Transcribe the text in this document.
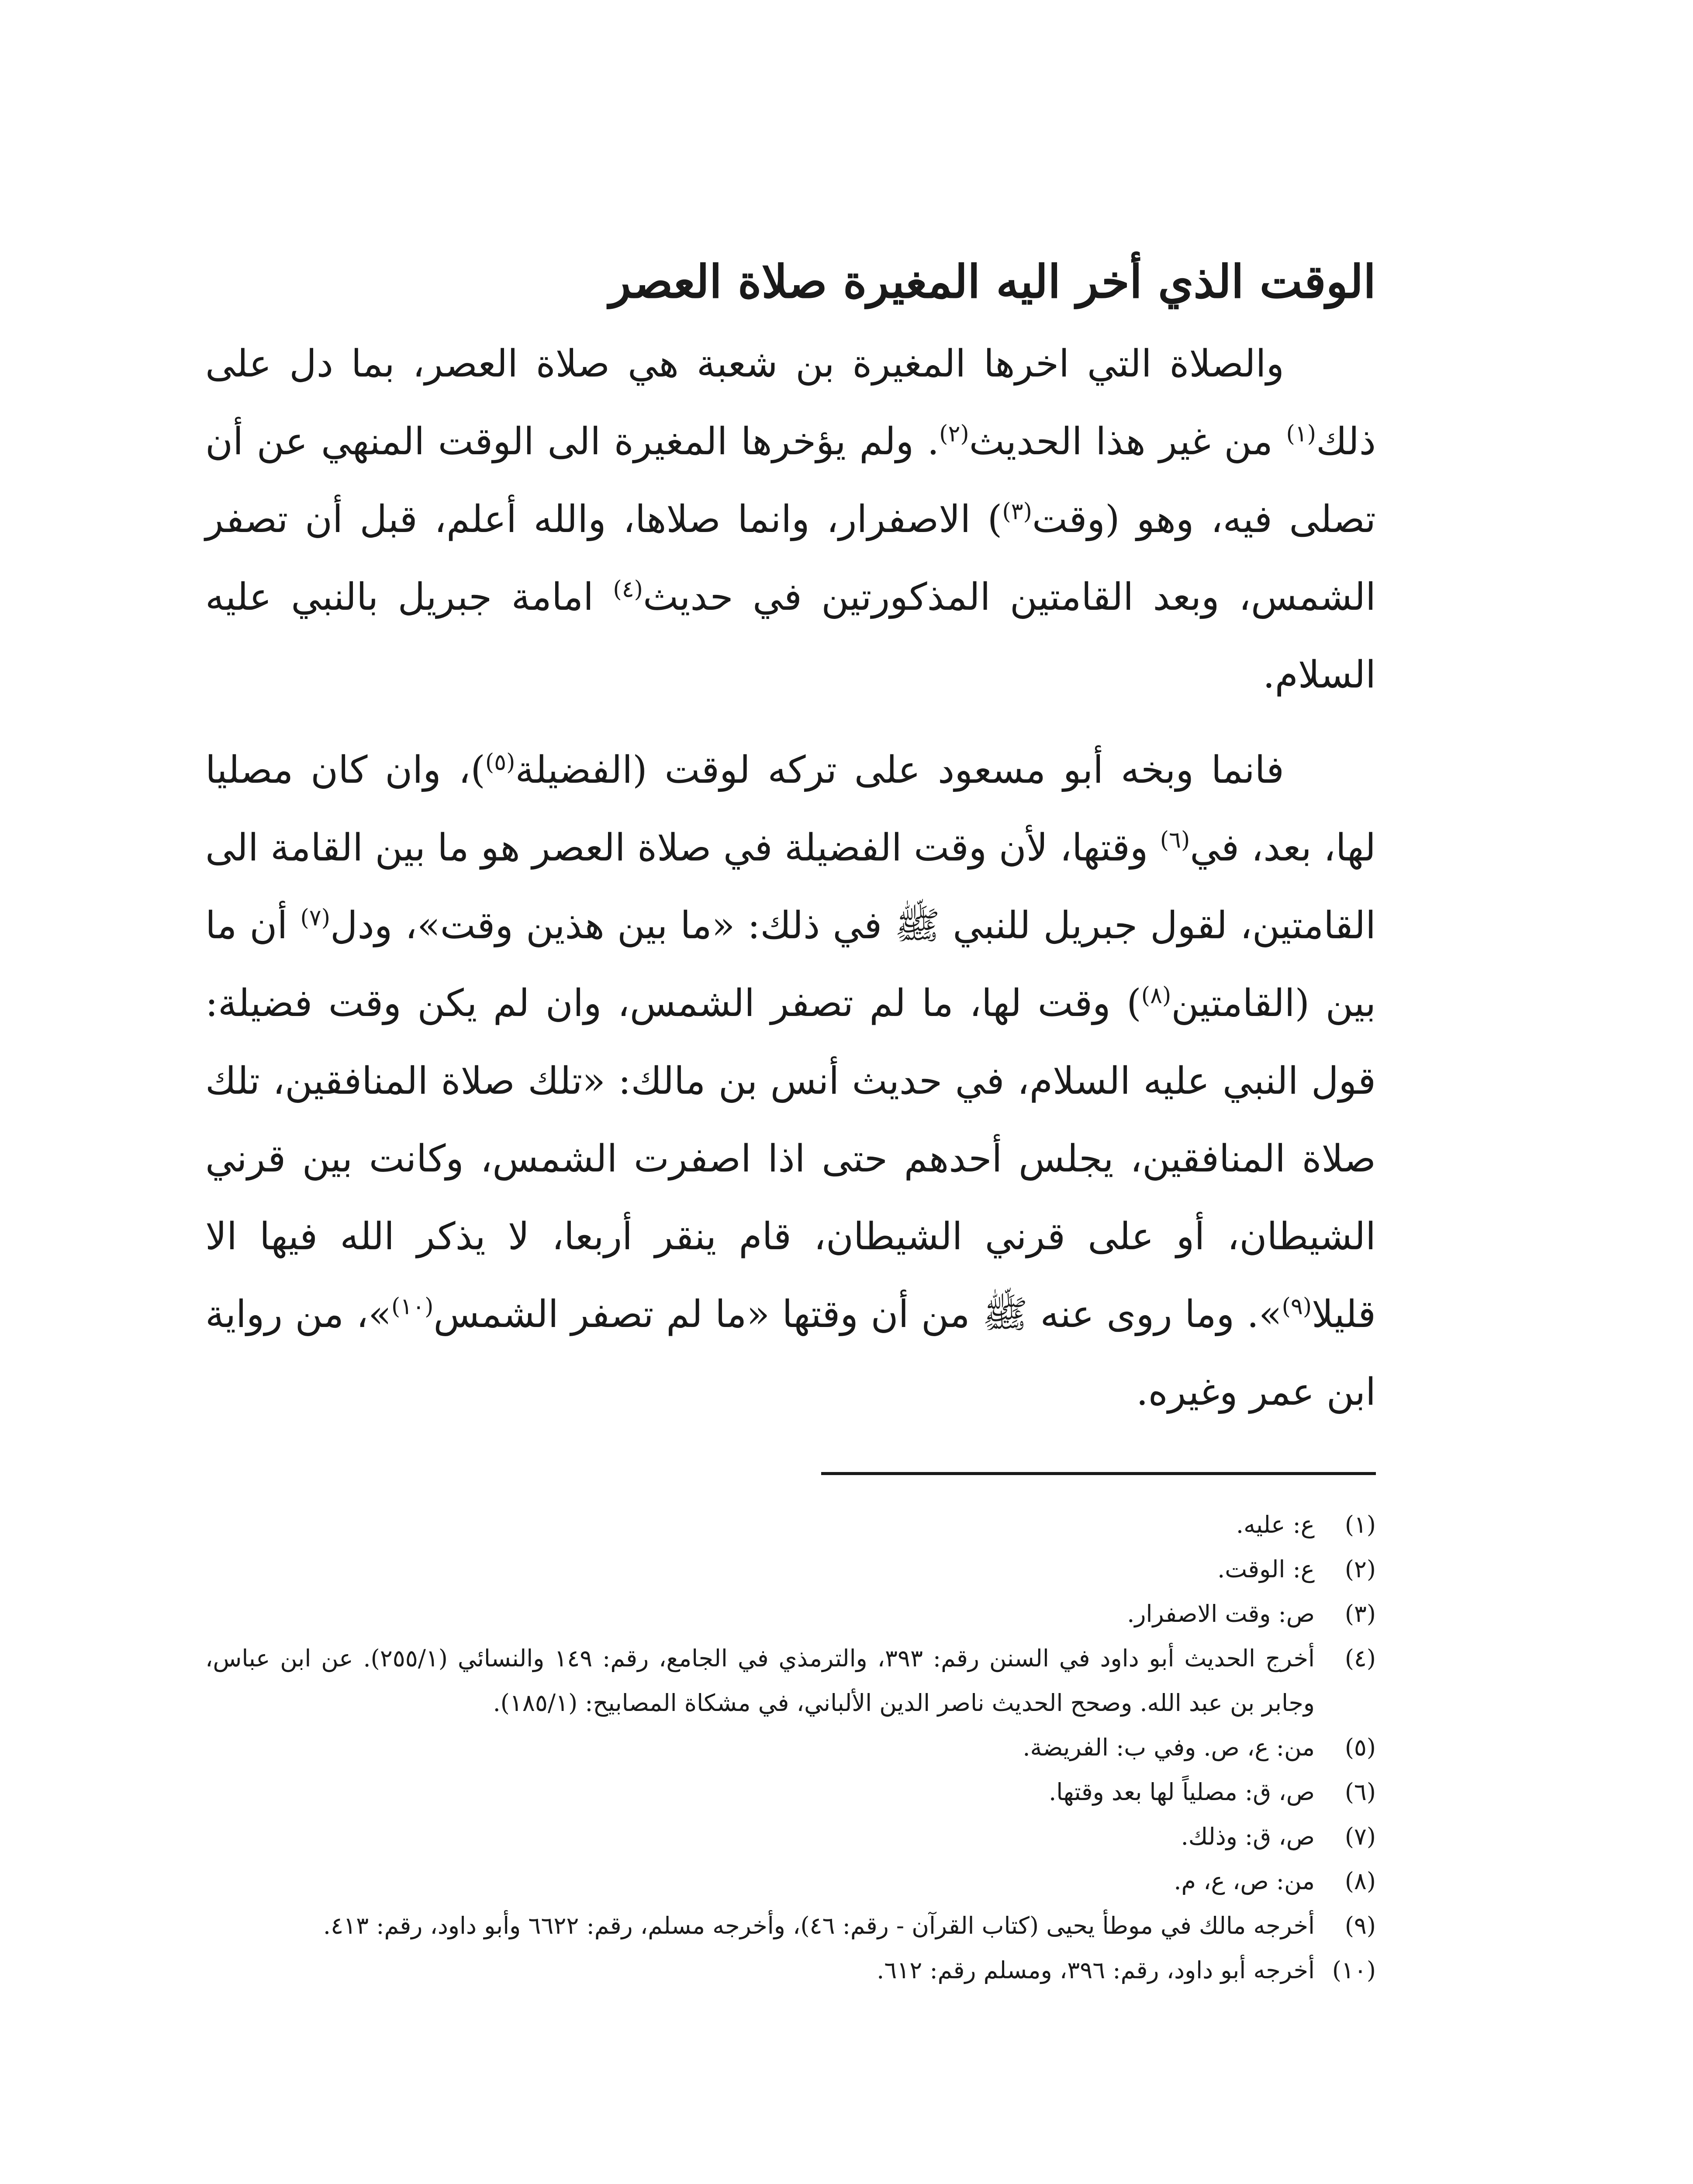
الوقت الذي أخر اليه المغيرة صلاة العصر

والصلاة التي اخرها المغيرة بن شعبة هي صلاة العصر، بما دل على ذلك$^{(١)}$ من غير هذا الحديث$^{(٢)}$. ولم يؤخرها المغيرة الى الوقت المنهي عن أن تصلى فيه، وهو (وقت$^{(٣)}$) الاصفرار، وانما صلاها، والله أعلم، قبل أن تصفر الشمس، وبعد القامتين المذكورتين في حديث$^{(٤)}$ امامة جبريل بالنبي عليه السلام.

فانما وبخه أبو مسعود على تركه لوقت (الفضيلة$^{(٥)}$)، وان كان مصليا لها، بعد، في$^{(٦)}$ وقتها، لأن وقت الفضيلة في صلاة العصر هو ما بين القامة الى القامتين، لقول جبريل للنبي ﷺ في ذلك: «ما بين هذين وقت»، ودل$^{(٧)}$ أن ما بين (القامتين$^{(٨)}$) وقت لها، ما لم تصفر الشمس، وان لم يكن وقت فضيلة: قول النبي عليه السلام، في حديث أنس بن مالك: «تلك صلاة المنافقين، تلك صلاة المنافقين، يجلس أحدهم حتى اذا اصفرت الشمس، وكانت بين قرني الشيطان، أو على قرني الشيطان، قام ينقر أربعا، لا يذكر الله فيها الا قليلا$^{(٩)}$». وما روى عنه ﷺ من أن وقتها «ما لم تصفر الشمس$^{(١٠)}$»، من رواية ابن عمر وغيره.

(١)
ع: عليه.
(٢)
ع: الوقت.
(٣)
ص: وقت الاصفرار.
(٤)
أخرج الحديث أبو داود في السنن رقم: ٣٩٣، والترمذي في الجامع، رقم: ١٤٩ والنسائي (٢٥٥/١). عن ابن عباس، وجابر بن عبد الله. وصحح الحديث ناصر الدين الألباني، في مشكاة المصابيح: (١٨٥/١).
(٥)
من: ع، ص. وفي ب: الفريضة.
(٦)
ص، ق: مصلياً لها بعد وقتها.
(٧)
ص، ق: وذلك.
(٨)
من: ص، ع، م.
(٩)
أخرجه مالك في موطأ يحيى (كتاب القرآن - رقم: ٤٦)، وأخرجه مسلم، رقم: ٦٦٢٢ وأبو داود، رقم: ٤١٣.
(١٠)
أخرجه أبو داود، رقم: ٣٩٦، ومسلم رقم: ٦١٢.
